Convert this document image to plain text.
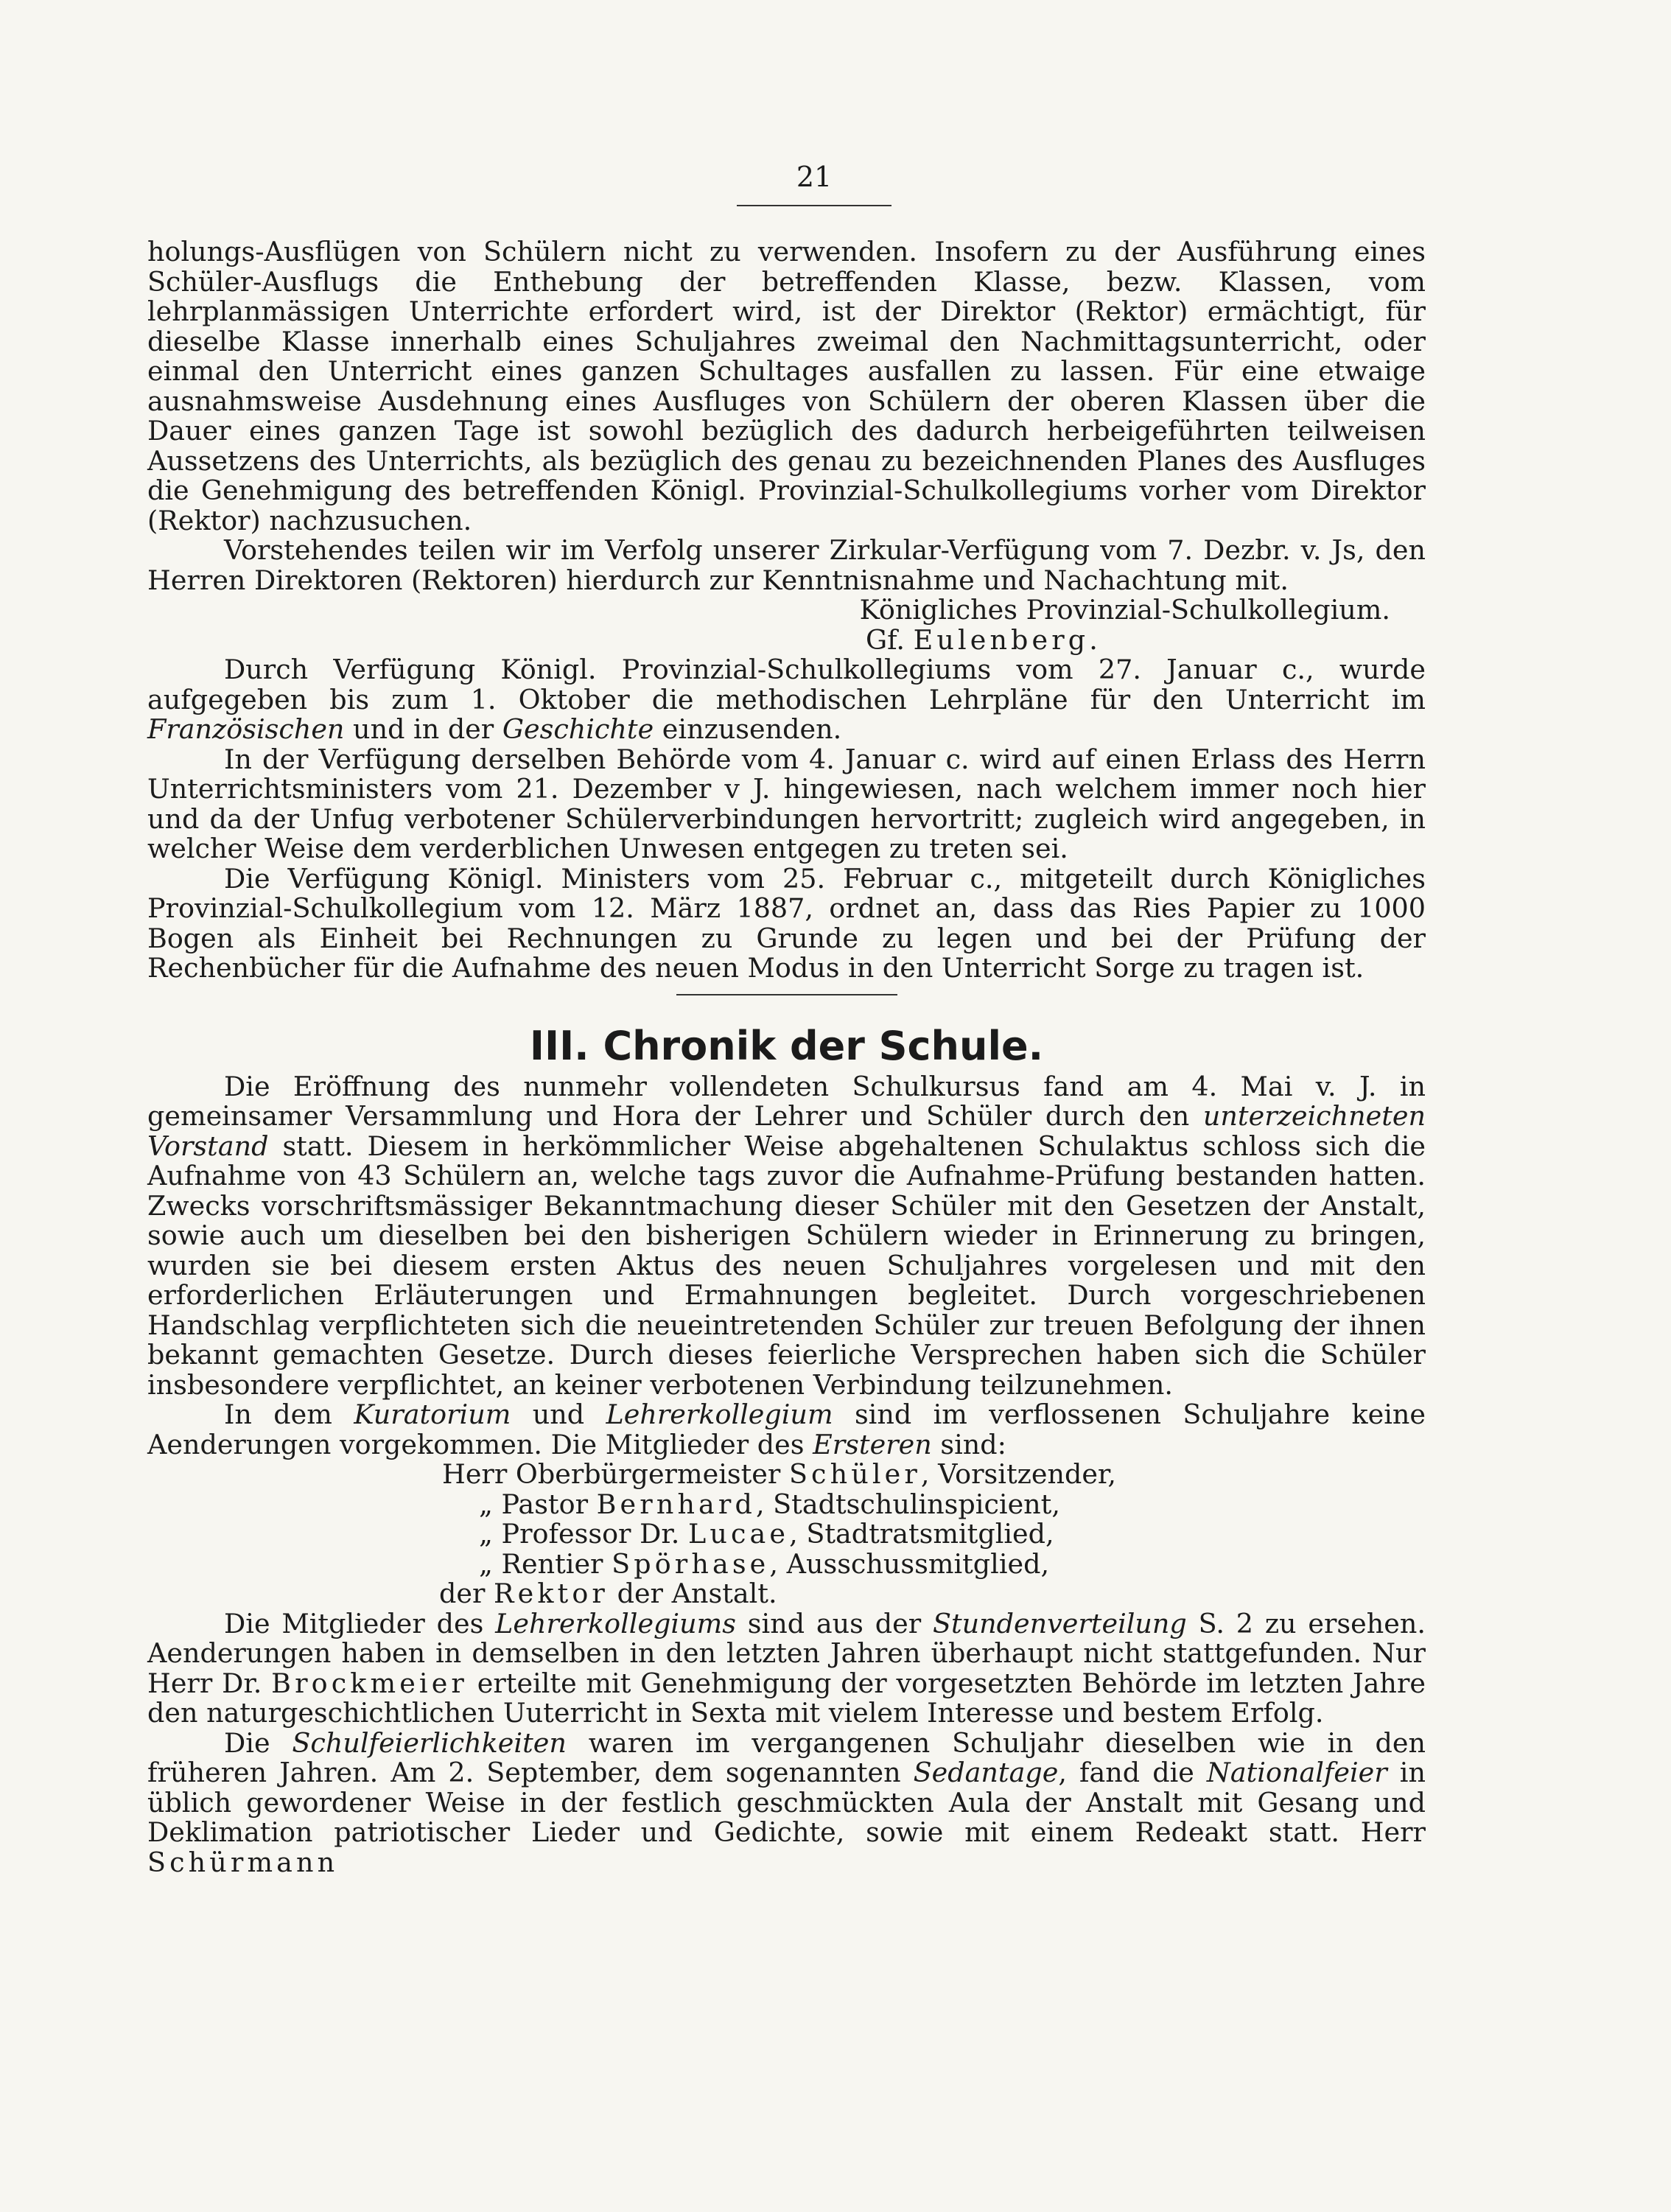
21

holungs-Ausflügen von Schülern nicht zu verwenden. Insofern zu der Ausführung eines Schüler-Ausflugs die Enthebung der betreffenden Klasse, bezw. Klassen, vom lehrplanmässigen Unterrichte erfordert wird, ist der Direktor (Rektor) ermächtigt, für dieselbe Klasse innerhalb eines Schuljahres zweimal den Nachmittagsunterricht, oder einmal den Unterricht eines ganzen Schultages ausfallen zu lassen. Für eine etwaige ausnahmsweise Ausdehnung eines Ausfluges von Schülern der oberen Klassen über die Dauer eines ganzen Tage ist sowohl bezüglich des dadurch herbeigeführten teilweisen Aussetzens des Unterrichts, als bezüglich des genau zu bezeichnenden Planes des Ausfluges die Genehmigung des betreffenden Königl. Provinzial-Schulkollegiums vorher vom Direktor (Rektor) nachzusuchen.

Vorstehendes teilen wir im Verfolg unserer Zirkular-Verfügung vom 7. Dezbr. v. Js, den Herren Direktoren (Rektoren) hierdurch zur Kenntnisnahme und Nachachtung mit.

Königliches Provinzial-Schulkollegium.

Gf. Eulenberg.

Durch Verfügung Königl. Provinzial-Schulkollegiums vom 27. Januar c., wurde aufgegeben bis zum 1. Oktober die methodischen Lehrpläne für den Unterricht im Französischen und in der Geschichte einzusenden.

In der Verfügung derselben Behörde vom 4. Januar c. wird auf einen Erlass des Herrn Unterrichtsministers vom 21. Dezember v J. hingewiesen, nach welchem immer noch hier und da der Unfug verbotener Schülerverbindungen hervortritt; zugleich wird angegeben, in welcher Weise dem verderblichen Unwesen entgegen zu treten sei.

Die Verfügung Königl. Ministers vom 25. Februar c., mitgeteilt durch Königliches Provinzial-Schulkollegium vom 12. März 1887, ordnet an, dass das Ries Papier zu 1000 Bogen als Einheit bei Rechnungen zu Grunde zu legen und bei der Prüfung der Rechenbücher für die Aufnahme des neuen Modus in den Unterricht Sorge zu tragen ist.

III. Chronik der Schule.

Die Eröffnung des nunmehr vollendeten Schulkursus fand am 4. Mai v. J. in gemeinsamer Versammlung und Hora der Lehrer und Schüler durch den unterzeichneten Vorstand statt. Diesem in herkömmlicher Weise abgehaltenen Schulaktus schloss sich die Aufnahme von 43 Schülern an, welche tags zuvor die Aufnahme-Prüfung bestanden hatten. Zwecks vorschriftsmässiger Bekanntmachung dieser Schüler mit den Gesetzen der Anstalt, sowie auch um dieselben bei den bisherigen Schülern wieder in Erinnerung zu bringen, wurden sie bei diesem ersten Aktus des neuen Schuljahres vorgelesen und mit den erforderlichen Erläuterungen und Ermahnungen begleitet. Durch vorgeschriebenen Handschlag verpflichteten sich die neueintretenden Schüler zur treuen Befolgung der ihnen bekannt gemachten Gesetze. Durch dieses feierliche Versprechen haben sich die Schüler insbesondere verpflichtet, an keiner verbotenen Verbindung teilzunehmen.

In dem Kuratorium und Lehrerkollegium sind im verflossenen Schuljahre keine Aenderungen vorgekommen. Die Mitglieder des Ersteren sind:

Herr Oberbürgermeister Schüler, Vorsitzender,

„ Pastor Bernhard, Stadtschulinspicient,

„ Professor Dr. Lucae, Stadtratsmitglied,

„ Rentier Spörhase, Ausschussmitglied,

der Rektor der Anstalt.

Die Mitglieder des Lehrerkollegiums sind aus der Stundenverteilung S. 2 zu ersehen. Aenderungen haben in demselben in den letzten Jahren überhaupt nicht stattgefunden. Nur Herr Dr. Brockmeier erteilte mit Genehmigung der vorgesetzten Behörde im letzten Jahre den naturgeschichtlichen Uuterricht in Sexta mit vielem Interesse und bestem Erfolg.

Die Schulfeierlichkeiten waren im vergangenen Schuljahr dieselben wie in den früheren Jahren. Am 2. September, dem sogenannten Sedantage, fand die Nationalfeier in üblich gewordener Weise in der festlich geschmückten Aula der Anstalt mit Gesang und Deklimation patriotischer Lieder und Gedichte, sowie mit einem Redeakt statt. Herr Schürmann
